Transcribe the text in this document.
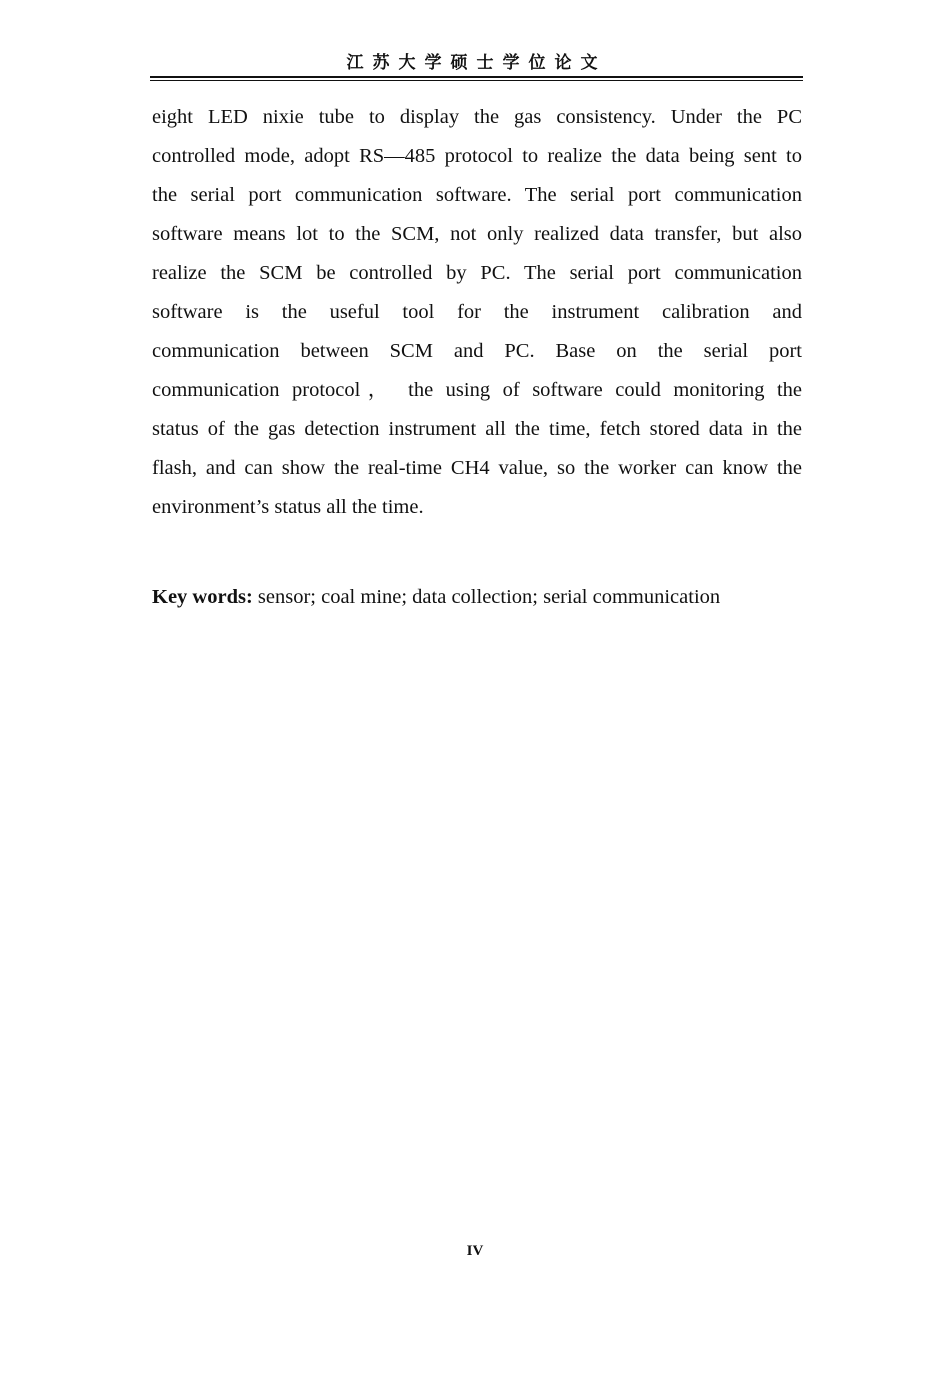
江苏大学硕士学位论文
eight LED nixie tube to display the gas consistency. Under the PC
controlled mode, adopt RS—485 protocol to realize the data being sent to
the serial port communication software. The serial port communication
software means lot to the SCM, not only realized data transfer, but also
realize the SCM be controlled by PC. The serial port communication
software is the useful tool for the instrument calibration and
communication between SCM and PC. Base on the serial port
communication protocol， the using of software could monitoring the
status of the gas detection instrument all the time, fetch stored data in the
flash, and can show the real-time CH4 value, so the worker can know the
environment’s status all the time.
Key words: sensor; coal mine; data collection; serial communication
IV
